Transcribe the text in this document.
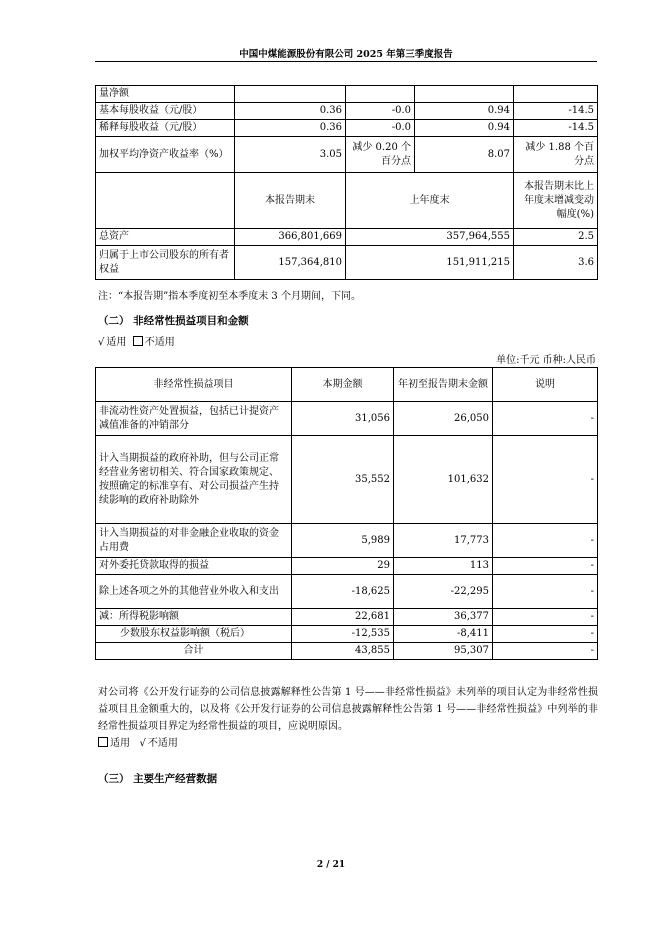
中国中煤能源股份有限公司 2025 年第三季度报告
量净额				
基本每股收益（元/股）	0.36	-0.0	0.94	-14.5
稀释每股收益（元/股）	0.36	-0.0	0.94	-14.5
加权平均净资产收益率（%）	3.05	减少 0.20 个百分点	8.07	减少 1.88 个百分点
	本报告期末	上年度末		本报告期末比上年度末增减变动幅度(%)
总资产	366,801,669	357,964,555		2.5
归属于上市公司股东的所有者权益	157,364,810	151,911,215		3.6
注：“本报告期”指本季度初至本季度末 3 个月期间，下同。
（二） 非经常性损益项目和金额
√ 适用 不适用
单位:千元 币种:人民币
非经常性损益项目	本期金额	年初至报告期末金额	说明
非流动性资产处置损益，包括已计提资产减值准备的冲销部分	31,056	26,050	-
计入当期损益的政府补助，但与公司正常经营业务密切相关、符合国家政策规定、按照确定的标准享有、对公司损益产生持续影响的政府补助除外	35,552	101,632	-
计入当期损益的对非金融企业收取的资金占用费	5,989	17,773	-
对外委托贷款取得的损益	29	113	-
除上述各项之外的其他营业外收入和支出	-18,625	-22,295	-
减：所得税影响额	22,681	36,377	-
少数股东权益影响额（税后）	-12,535	-8,411	-
合计	43,855	95,307	-
对公司将《公开发行证券的公司信息披露解释性公告第 1 号——非经常性损益》未列举的项目认定为非经常性损益项目且金额重大的，以及将《公开发行证券的公司信息披露解释性公告第 1 号——非经常性损益》中列举的非经常性损益项目界定为经常性损益的项目，应说明原因。
适用 √ 不适用
（三） 主要生产经营数据
2 / 21
